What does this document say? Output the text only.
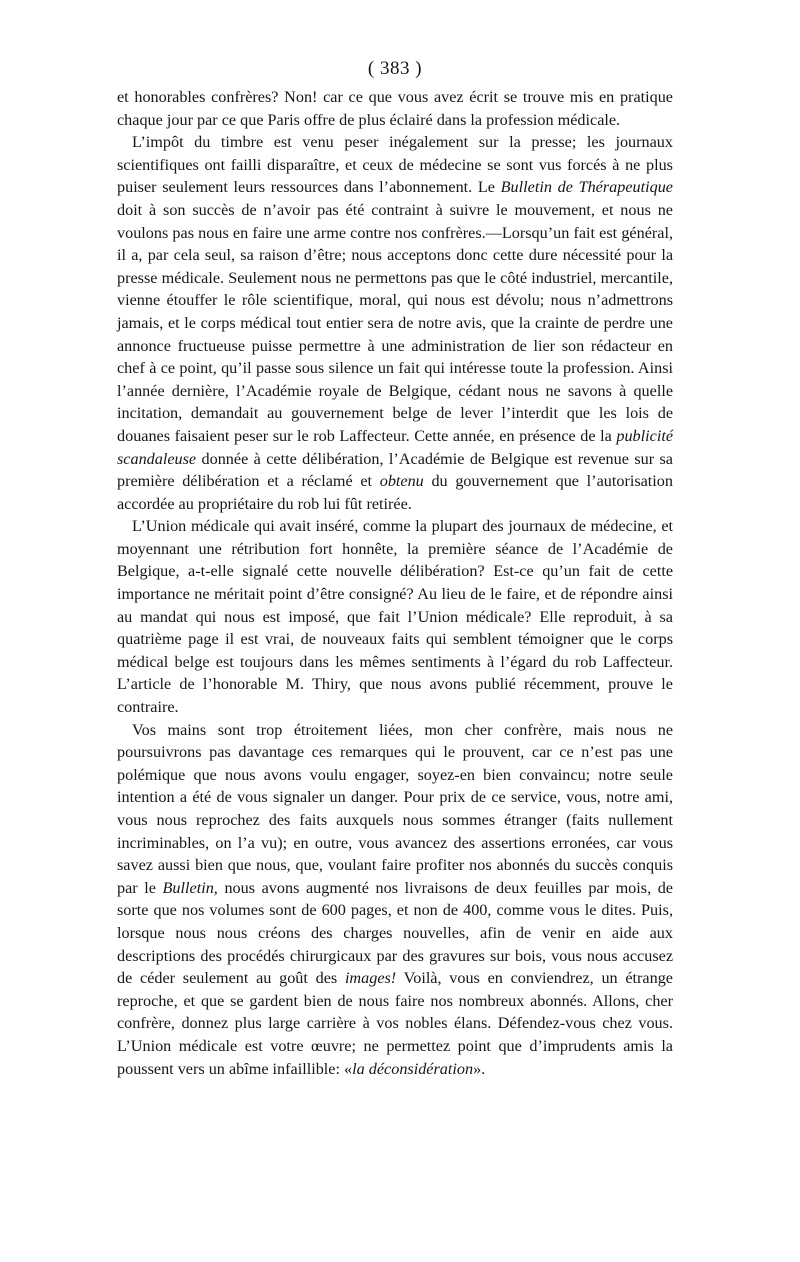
( 383 )

et honorables confrères? Non! car ce que vous avez écrit se trouve mis en pratique chaque jour par ce que Paris offre de plus éclairé dans la profession médicale.

L’impôt du timbre est venu peser inégalement sur la presse; les journaux scientifiques ont failli disparaître, et ceux de médecine se sont vus forcés à ne plus puiser seulement leurs ressources dans l’abonnement. Le Bulletin de Thérapeutique doit à son succès de n’avoir pas été contraint à suivre le mouvement, et nous ne voulons pas nous en faire une arme contre nos confrères.—Lorsqu’un fait est général, il a, par cela seul, sa raison d’être; nous acceptons donc cette dure nécessité pour la presse médicale. Seulement nous ne permettons pas que le côté industriel, mercantile, vienne étouffer le rôle scientifique, moral, qui nous est dévolu; nous n’admettrons jamais, et le corps médical tout entier sera de notre avis, que la crainte de perdre une annonce fructueuse puisse permettre à une administration de lier son rédacteur en chef à ce point, qu’il passe sous silence un fait qui intéresse toute la profession. Ainsi l’année dernière, l’Académie royale de Belgique, cédant nous ne savons à quelle incitation, demandait au gouvernement belge de lever l’interdit que les lois de douanes faisaient peser sur le rob Laffecteur. Cette année, en présence de la publicité scandaleuse donnée à cette délibération, l’Académie de Belgique est revenue sur sa première délibération et a réclamé et obtenu du gouvernement que l’autorisation accordée au propriétaire du rob lui fût retirée.

L’Union médicale qui avait inséré, comme la plupart des journaux de médecine, et moyennant une rétribution fort honnête, la première séance de l’Académie de Belgique, a-t-elle signalé cette nouvelle délibération? Est-ce qu’un fait de cette importance ne méritait point d’être consigné? Au lieu de le faire, et de répondre ainsi au mandat qui nous est imposé, que fait l’Union médicale? Elle reproduit, à sa quatrième page il est vrai, de nouveaux faits qui semblent témoigner que le corps médical belge est toujours dans les mêmes sentiments à l’égard du rob Laffecteur. L’article de l’honorable M. Thiry, que nous avons publié récemment, prouve le contraire.

Vos mains sont trop étroitement liées, mon cher confrère, mais nous ne poursuivrons pas davantage ces remarques qui le prouvent, car ce n’est pas une polémique que nous avons voulu engager, soyez-en bien convaincu; notre seule intention a été de vous signaler un danger. Pour prix de ce service, vous, notre ami, vous nous reprochez des faits auxquels nous sommes étranger (faits nullement incriminables, on l’a vu); en outre, vous avancez des assertions erronées, car vous savez aussi bien que nous, que, voulant faire profiter nos abonnés du succès conquis par le Bulletin, nous avons augmenté nos livraisons de deux feuilles par mois, de sorte que nos volumes sont de 600 pages, et non de 400, comme vous le dites. Puis, lorsque nous nous créons des charges nouvelles, afin de venir en aide aux descriptions des procédés chirurgicaux par des gravures sur bois, vous nous accusez de céder seulement au goût des images! Voilà, vous en conviendrez, un étrange reproche, et que se gardent bien de nous faire nos nombreux abonnés. Allons, cher confrère, donnez plus large carrière à vos nobles élans. Défendez-vous chez vous. L’Union médicale est votre œuvre; ne permettez point que d’imprudents amis la poussent vers un abîme infaillible: «la déconsidération».
